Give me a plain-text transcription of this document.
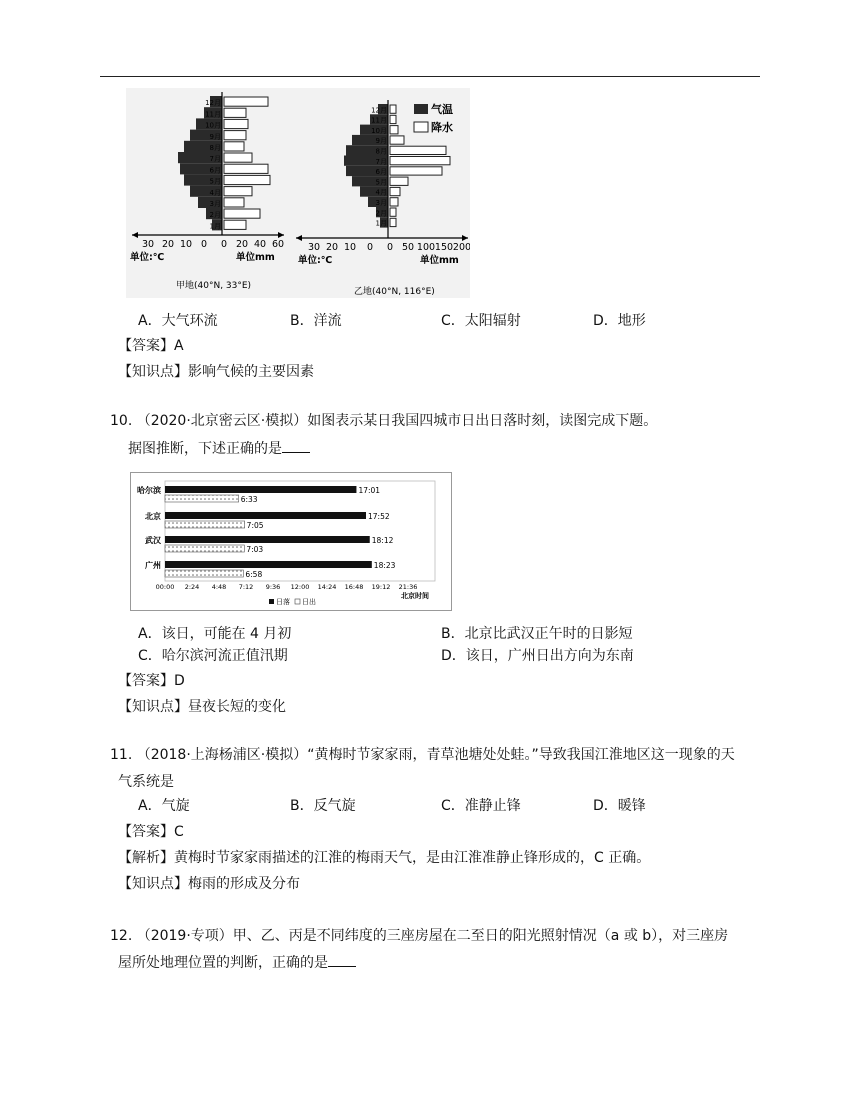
12月
11月
10月
9月
8月
7月
6月
5月
4月
3月
2月
1月
30 20 10 0 0 20 40 60
单位:℃	单位mm
甲地(40°N, 33°E)
12月
11月
10月
9月
8月
7月
6月
5月
4月
3月
2月
1月
30 20 10 0 0 50 100 150 200
单位:℃	单位mm
乙地(40°N, 116°E)
气温
降水
A．大气环流	B．洋流	C．太阳辐射	D．地形
【答案】A
【知识点】影响气候的主要因素
10. （2020·北京密云区·模拟）如图表示某日我国四城市日出日落时刻，读图完成下题。
据图推断，下述正确的是
哈尔滨	17:01
6:33
北京	17:52
7:05
武汉	18:12
7:03
广州	18:23
6:58
00:00 2:24 4:48 7:12 9:36 12:00 14:24 16:48 19:12 21:36
北京时间
日落 日出
A．该日，可能在 4 月初	B．北京比武汉正午时的日影短
C．哈尔滨河流正值汛期	D．该日，广州日出方向为东南
【答案】D
【知识点】昼夜长短的变化
11. （2018·上海杨浦区·模拟）“黄梅时节家家雨，青草池塘处处蛙。”导致我国江淮地区这一现象的天
气系统是
A．气旋	B．反气旋	C．准静止锋	D．暖锋
【答案】C
【解析】黄梅时节家家雨描述的江淮的梅雨天气，是由江淮准静止锋形成的，C 正确。
【知识点】梅雨的形成及分布
12. （2019·专项）甲、乙、丙是不同纬度的三座房屋在二至日的阳光照射情况（a 或 b），对三座房
屋所处地理位置的判断，正确的是
